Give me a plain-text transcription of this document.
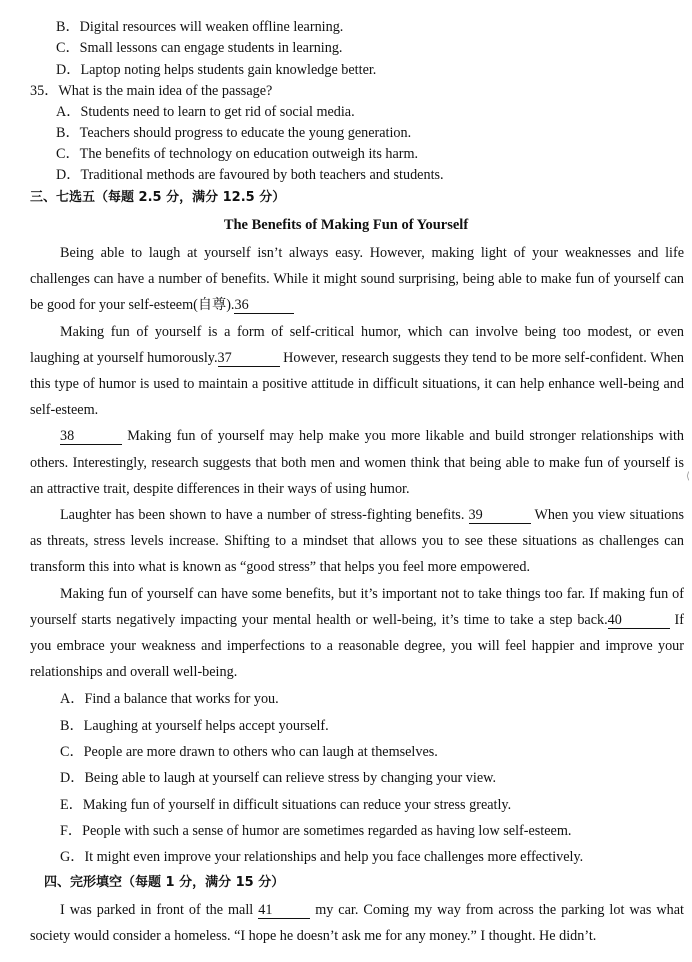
B．Digital resources will weaken offline learning.
C．Small lessons can engage students in learning.
D．Laptop noting helps students gain knowledge better.
35．What is the main idea of the passage?
A．Students need to learn to get rid of social media.
B．Teachers should progress to educate the young generation.
C．The benefits of technology on education outweigh its harm.
D．Traditional methods are favoured by both teachers and students.
三、七选五（每题 2.5 分，满分 12.5 分）
The Benefits of Making Fun of Yourself

Being able to laugh at yourself isn’t always easy. However, making light of your weaknesses and life challenges can have a number of benefits. While it might sound surprising, being able to make fun of yourself can be good for your self-esteem(自尊).36

Making fun of yourself is a form of self-critical humor, which can involve being too modest, or even laughing at yourself humorously.37	However, research suggests they tend to be more self-confident. When this type of humor is used to maintain a positive attitude in difficult situations, it can help enhance well-being and self-esteem.

38	Making fun of yourself may help make you more likable and build stronger relationships with others. Interestingly, research suggests that both men and women think that being able to make fun of yourself is an attractive trait, despite differences in their ways of using humor.

Laughter has been shown to have a number of stress-fighting benefits. 39	When you view situations as threats, stress levels increase. Shifting to a mindset that allows you to see these situations as challenges can transform this into what is known as “good stress” that helps you feel more empowered.

Making fun of yourself can have some benefits, but it’s important not to take things too far. If making fun of yourself starts negatively impacting your mental health or well-being, it’s time to take a step back.40	If you embrace your weakness and imperfections to a reasonable degree, you will feel happier and improve your relationships and overall well-being.

A．Find a balance that works for you.
B．Laughing at yourself helps accept yourself.
C．People are more drawn to others who can laugh at themselves.
D．Being able to laugh at yourself can relieve stress by changing your view.
E．Making fun of yourself in difficult situations can reduce your stress greatly.
F．People with such a sense of humor are sometimes regarded as having low self-esteem.
G．It might even improve your relationships and help you face challenges more effectively.
四、完形填空（每题 1 分，满分 15 分）

I was parked in front of the mall 41	my car. Coming my way from across the parking lot was what society would consider a homeless. “I hope he doesn’t ask me for any money.” I thought. He didn’t.

⟨
